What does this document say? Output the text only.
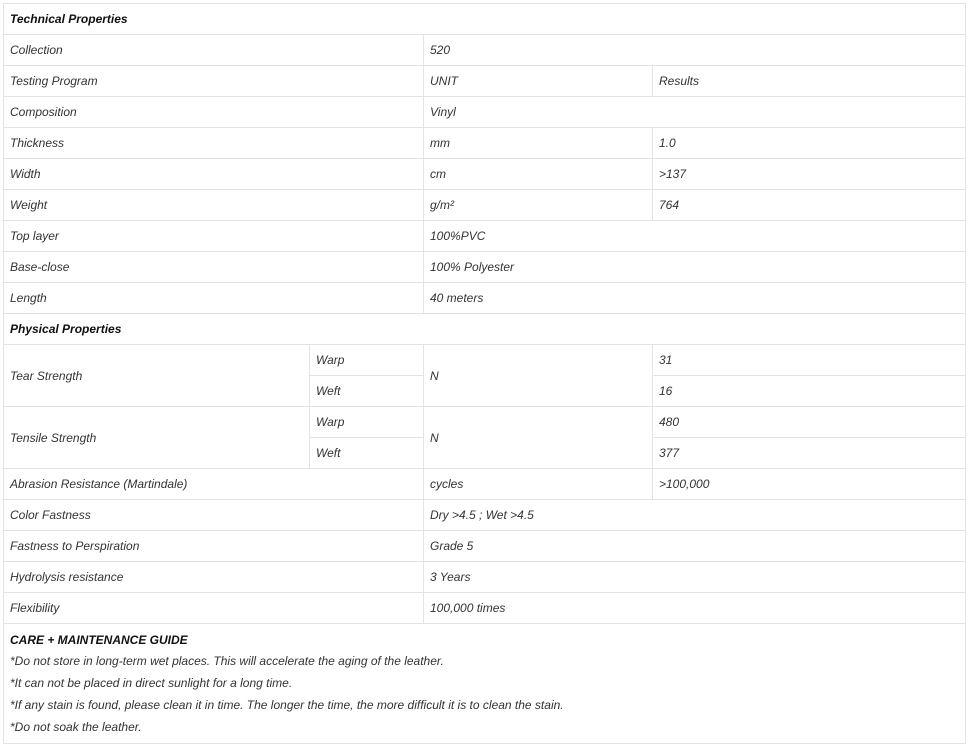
Technical Properties			
Collection		520	
Testing Program		UNIT	Results
Composition		Vinyl	
Thickness		mm	1.0
Width		cm	>137
Weight		g/m²	764
Top layer		100%PVC	
Base-close		100% Polyester	
Length		40 meters	
Physical Properties			
Tear Strength	Warp	N	31
	Weft		16
Tensile Strength	Warp	N	480
	Weft		377
Abrasion Resistance (Martindale)		cycles	>100,000
Color Fastness		Dry >4.5 ; Wet >4.5	
Fastness to Perspiration		Grade 5	
Hydrolysis resistance		3 Years	
Flexibility		100,000 times	

CARE + MAINTENANCE GUIDE
*Do not store in long-term wet places. This will accelerate the aging of the leather.
*It can not be placed in direct sunlight for a long time.
*If any stain is found, please clean it in time. The longer the time, the more difficult it is to clean the stain.
*Do not soak the leather.			
